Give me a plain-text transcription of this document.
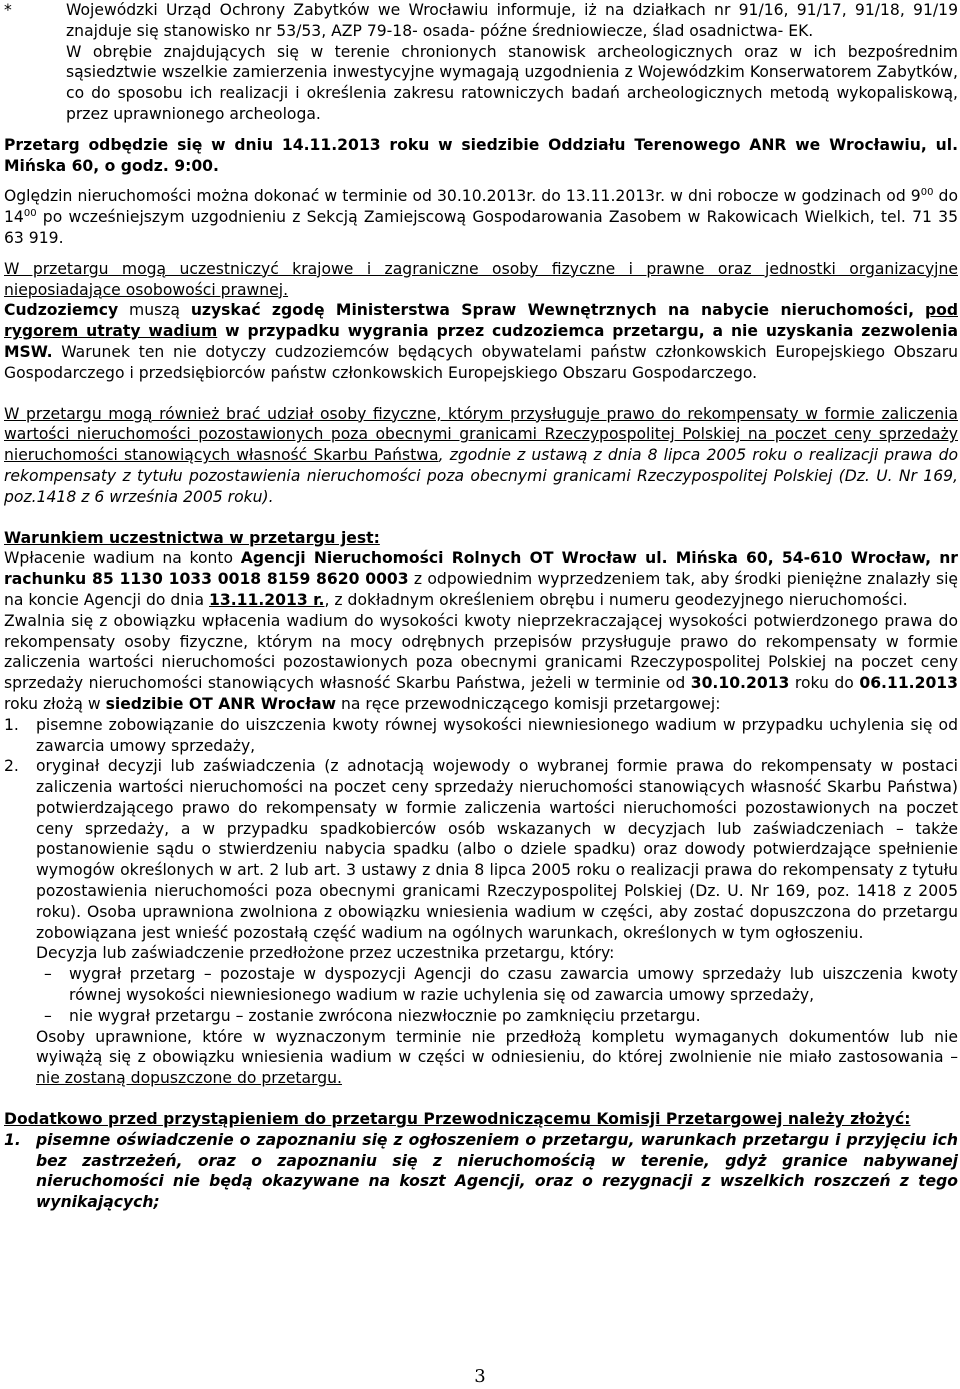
*	Wojewódzki Urząd Ochrony Zabytków we Wrocławiu informuje, iż na działkach nr 91/16, 91/17, 91/18, 91/19 znajduje się stanowisko nr 53/53, AZP 79-18- osada- późne średniowiecze, ślad osadnictwa- EK.

W obrębie znajdujących się w terenie chronionych stanowisk archeologicznych oraz w ich bezpośrednim sąsiedztwie wszelkie zamierzenia inwestycyjne wymagają uzgodnienia z Wojewódzkim Konserwatorem Zabytków, co do sposobu ich realizacji i określenia zakresu ratowniczych badań archeologicznych metodą wykopaliskową, przez uprawnionego archeologa.

Przetarg odbędzie się w dniu 14.11.2013 roku w siedzibie Oddziału Terenowego ANR we Wrocławiu, ul. Mińska 60, o godz. 9:00.

Oględzin nieruchomości można dokonać w terminie od 30.10.2013r. do 13.11.2013r. w dni robocze w godzinach od $9^{00}$ do $14^{00}$ po wcześniejszym uzgodnieniu z Sekcją Zamiejscową Gospodarowania Zasobem w Rakowicach Wielkich, tel. 71 35 63 919.

W przetargu mogą uczestniczyć krajowe i zagraniczne osoby fizyczne i prawne oraz jednostki organizacyjne nieposiadające osobowości prawnej.

Cudzoziemcy muszą uzyskać zgodę Ministerstwa Spraw Wewnętrznych na nabycie nieruchomości, pod rygorem utraty wadium w przypadku wygrania przez cudzoziemca przetargu, a nie uzyskania zezwolenia MSW. Warunek ten nie dotyczy cudzoziemców będących obywatelami państw członkowskich Europejskiego Obszaru Gospodarczego i przedsiębiorców państw członkowskich Europejskiego Obszaru Gospodarczego.

W przetargu mogą również brać udział osoby fizyczne, którym przysługuje prawo do rekompensaty w formie zaliczenia wartości nieruchomości pozostawionych poza obecnymi granicami Rzeczypospolitej Polskiej na poczet ceny sprzedaży nieruchomości stanowiących własność Skarbu Państwa, zgodnie z ustawą z dnia 8 lipca 2005 roku o realizacji prawa do rekompensaty z tytułu pozostawienia nieruchomości poza obecnymi granicami Rzeczypospolitej Polskiej (Dz. U. Nr 169, poz.1418 z 6 września 2005 roku).

Warunkiem uczestnictwa w przetargu jest:

Wpłacenie wadium na konto Agencji Nieruchomości Rolnych OT Wrocław ul. Mińska 60, 54-610 Wrocław, nr rachunku 85 1130 1033 0018 8159 8620 0003 z odpowiednim wyprzedzeniem tak, aby środki pieniężne znalazły się na koncie Agencji do dnia 13.11.2013 r., z dokładnym określeniem obrębu i numeru geodezyjnego nieruchomości.

Zwalnia się z obowiązku wpłacenia wadium do wysokości kwoty nieprzekraczającej wysokości potwierdzonego prawa do rekompensaty osoby fizyczne, którym na mocy odrębnych przepisów przysługuje prawo do rekompensaty w formie zaliczenia wartości nieruchomości pozostawionych poza obecnymi granicami Rzeczypospolitej Polskiej na poczet ceny sprzedaży nieruchomości stanowiących własność Skarbu Państwa, jeżeli w terminie od 30.10.2013 roku do 06.11.2013 roku złożą w siedzibie OT ANR Wrocław na ręce przewodniczącego komisji przetargowej:

1. pisemne zobowiązanie do uiszczenia kwoty równej wysokości niewniesionego wadium w przypadku uchylenia się od zawarcia umowy sprzedaży,
2. oryginał decyzji lub zaświadczenia (z adnotacją wojewody o wybranej formie prawa do rekompensaty w postaci zaliczenia wartości nieruchomości na poczet ceny sprzedaży nieruchomości stanowiących własność Skarbu Państwa) potwierdzającego prawo do rekompensaty w formie zaliczenia wartości nieruchomości pozostawionych na poczet ceny sprzedaży, a w przypadku spadkobierców osób wskazanych w decyzjach lub zaświadczeniach – także postanowienie sądu o stwierdzeniu nabycia spadku (albo o dziele spadku) oraz dowody potwierdzające spełnienie wymogów określonych w art. 2 lub art. 3 ustawy z dnia 8 lipca 2005 roku o realizacji prawa do rekompensaty z tytułu pozostawienia nieruchomości poza obecnymi granicami Rzeczypospolitej Polskiej (Dz. U. Nr 169, poz. 1418 z 2005 roku). Osoba uprawniona zwolniona z obowiązku wniesienia wadium w części, aby zostać dopuszczona do przetargu zobowiązana jest wnieść pozostałą część wadium na ogólnych warunkach, określonych w tym ogłoszeniu.

Decyzja lub zaświadczenie przedłożone przez uczestnika przetargu, który:

– wygrał przetarg – pozostaje w dyspozycji Agencji do czasu zawarcia umowy sprzedaży lub uiszczenia kwoty równej wysokości niewniesionego wadium w razie uchylenia się od zawarcia umowy sprzedaży,
– nie wygrał przetargu – zostanie zwrócona niezwłocznie po zamknięciu przetargu.

Osoby uprawnione, które w wyznaczonym terminie nie przedłożą kompletu wymaganych dokumentów lub nie wyiwążą się z obowiązku wniesienia wadium w części w odniesieniu, do której zwolnienie nie miało zastosowania – nie zostaną dopuszczone do przetargu.

Dodatkowo przed przystąpieniem do przetargu Przewodniczącemu Komisji Przetargowej należy złożyć:

1. pisemne oświadczenie o zapoznaniu się z ogłoszeniem o przetargu, warunkach przetargu i przyjęciu ich bez zastrzeżeń, oraz o zapoznaniu się z nieruchomością w terenie, gdyż granice nabywanej nieruchomości nie będą okazywane na koszt Agencji, oraz o rezygnacji z wszelkich roszczeń z tego wynikających;
3
